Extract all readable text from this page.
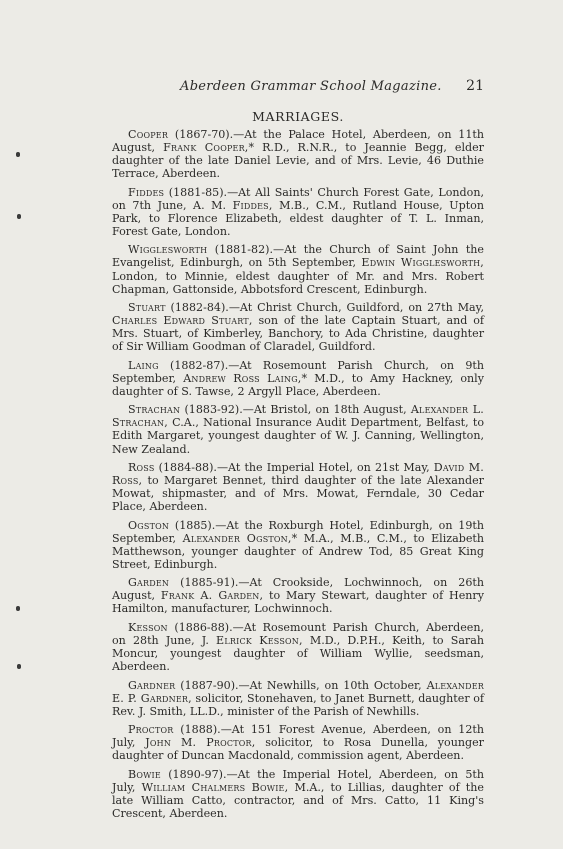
Aberdeen Grammar School Magazine. 21
MARRIAGES.

Cooper (1867-70).—At the Palace Hotel, Aberdeen, on 11th August, Frank Cooper,* R.D., R.N.R., to Jeannie Begg, elder daughter of the late Daniel Levie, and of Mrs. Levie, 46 Duthie Terrace, Aberdeen.

Fiddes (1881-85).—At All Saints' Church Forest Gate, London, on 7th June, A. M. Fiddes, M.B., C.M., Rutland House, Upton Park, to Florence Elizabeth, eldest daughter of T. L. Inman, Forest Gate, London.

Wigglesworth (1881-82).—At the Church of Saint John the Evangelist, Edinburgh, on 5th September, Edwin Wigglesworth, London, to Minnie, eldest daughter of Mr. and Mrs. Robert Chapman, Gattonside, Abbotsford Crescent, Edinburgh.

Stuart (1882-84).—At Christ Church, Guildford, on 27th May, Charles Edward Stuart, son of the late Captain Stuart, and of Mrs. Stuart, of Kimberley, Banchory, to Ada Christine, daughter of Sir William Goodman of Claradel, Guildford.

Laing (1882-87).—At Rosemount Parish Church, on 9th September, Andrew Ross Laing,* M.D., to Amy Hackney, only daughter of S. Tawse, 2 Argyll Place, Aberdeen.

Strachan (1883-92).—At Bristol, on 18th August, Alexander L. Strachan, C.A., National Insurance Audit Department, Belfast, to Edith Margaret, youngest daughter of W. J. Canning, Wellington, New Zealand.

Ross (1884-88).—At the Imperial Hotel, on 21st May, David M. Ross, to Margaret Bennet, third daughter of the late Alexander Mowat, shipmaster, and of Mrs. Mowat, Ferndale, 30 Cedar Place, Aberdeen.

Ogston (1885).—At the Roxburgh Hotel, Edinburgh, on 19th September, Alexander Ogston,* M.A., M.B., C.M., to Elizabeth Matthewson, younger daughter of Andrew Tod, 85 Great King Street, Edinburgh.

Garden (1885-91).—At Crookside, Lochwinnoch, on 26th August, Frank A. Garden, to Mary Stewart, daughter of Henry Hamilton, manufacturer, Lochwinnoch.

Kesson (1886-88).—At Rosemount Parish Church, Aberdeen, on 28th June, J. Elrick Kesson, M.D., D.P.H., Keith, to Sarah Moncur, youngest daughter of William Wyllie, seedsman, Aberdeen.

Gardner (1887-90).—At Newhills, on 10th October, Alexander E. P. Gardner, solicitor, Stonehaven, to Janet Burnett, daughter of Rev. J. Smith, LL.D., minister of the Parish of Newhills.

Proctor (1888).—At 151 Forest Avenue, Aberdeen, on 12th July, John M. Proctor, solicitor, to Rosa Dunella, younger daughter of Duncan Macdonald, commission agent, Aberdeen.

Bowie (1890-97).—At the Imperial Hotel, Aberdeen, on 5th July, William Chalmers Bowie, M.A., to Lillias, daughter of the late William Catto, contractor, and of Mrs. Catto, 11 King's Crescent, Aberdeen.
